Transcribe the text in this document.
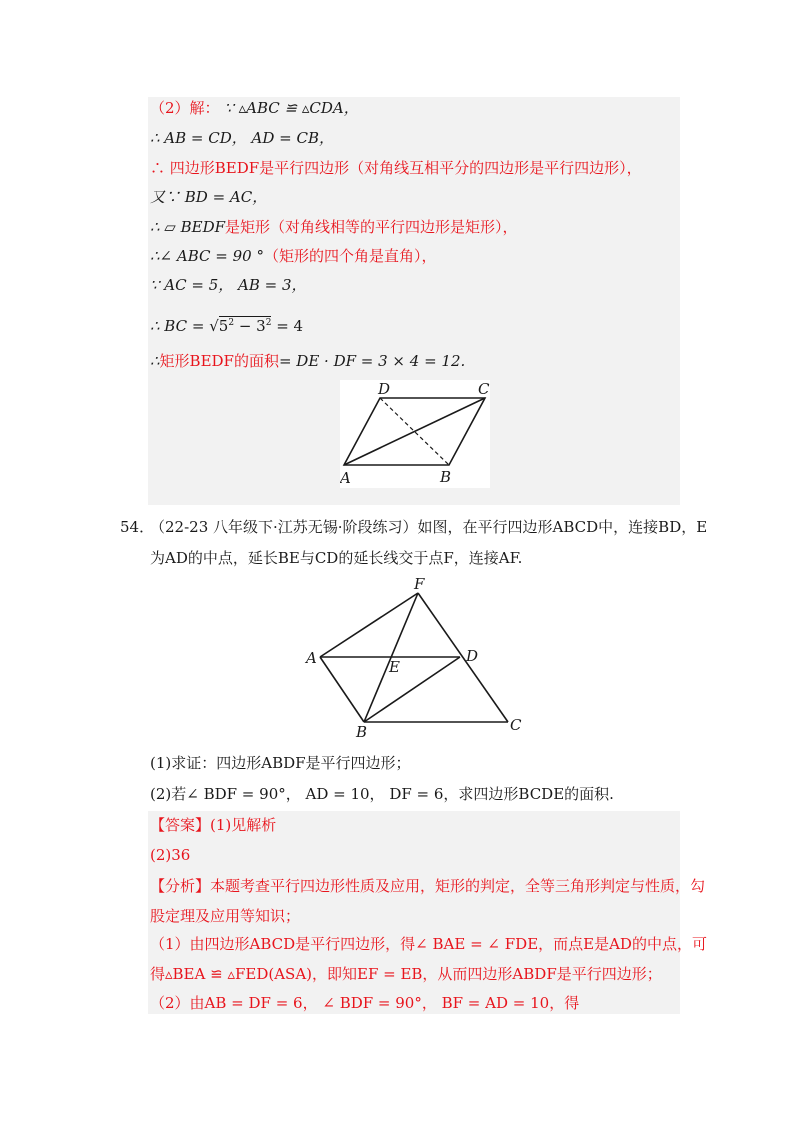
（2）解： ∵ ▵ABC ≌ ▵CDA，
∴ AB = CD， AD = CB，
∴ 四边形BEDF是平行四边形（对角线互相平分的四边形是平行四边形），
又∵ BD = AC，
∴ ▱ BEDF是矩形（对角线相等的平行四边形是矩形），
∴∠ ABC = 90 °（矩形的四个角是直角），
∵ AC = 5， AB = 3，
∴ BC = $√5^2 - 3^2 = 4$
∴矩形BEDF的面积= DE · DF = 3 × 4 = 12.
D	C
A	B
54．
（22-23 八年级下·江苏无锡·阶段练习）如图，在平行四边形ABCD中，连接BD，E
为AD的中点，延长BE与CD的延长线交于点F，连接AF.
F
A	D
E
B	C
(1)求证：四边形ABDF是平行四边形；
(2)若∠ BDF = 90°， AD = 10， DF = 6，求四边形BCDE的面积.
【答案】(1)见解析
(2)36
【分析】本题考查平行四边形性质及应用，矩形的判定，全等三角形判定与性质，勾
股定理及应用等知识；
（1）由四边形ABCD是平行四边形，得∠ BAE = ∠ FDE，而点E是AD的中点，可
得▵BEA ≌ ▵FED(ASA)，即知EF = EB，从而四边形ABDF是平行四边形；
（2）由AB = DF = 6， ∠ BDF = 90°， BF = AD = 10，得
